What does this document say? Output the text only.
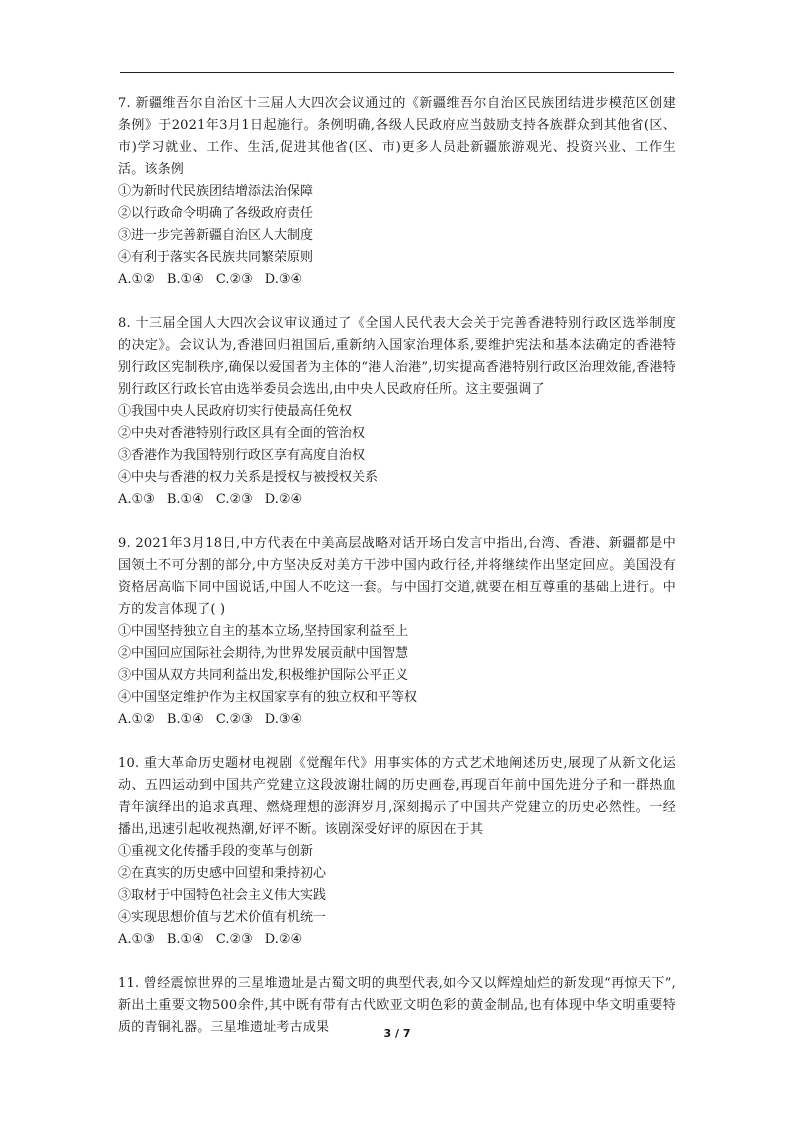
7. 新疆维吾尔自治区十三届人大四次会议通过的《新疆维吾尔自治区民族团结进步模范区创建条例》于2021年3月1日起施行。条例明确,各级人民政府应当鼓励支持各族群众到其他省(区、市)学习就业、工作、生活,促进其他省(区、市)更多人员赴新疆旅游观光、投资兴业、工作生活。该条例

①为新时代民族团结增添法治保障

②以行政命令明确了各级政府责任

③进一步完善新疆自治区人大制度

④有利于落实各民族共同繁荣原则

A.①② B.①④ C.②③ D.③④

8. 十三届全国人大四次会议审议通过了《全国人民代表大会关于完善香港特别行政区选举制度的决定》。会议认为,香港回归祖国后,重新纳入国家治理体系,要维护宪法和基本法确定的香港特别行政区宪制秩序,确保以爱国者为主体的“港人治港”,切实提高香港特别行政区治理效能,香港特别行政区行政长官由选举委员会选出,由中央人民政府任所。这主要强调了

①我国中央人民政府切实行使最高任免权

②中央对香港特别行政区具有全面的管治权

③香港作为我国特别行政区享有高度自治权

④中央与香港的权力关系是授权与被授权关系

A.①③ B.①④ C.②③ D.②④

9. 2021年3月18日,中方代表在中美高层战略对话开场白发言中指出,台湾、香港、新疆都是中国领土不可分割的部分,中方坚决反对美方干涉中国内政行径,并将继续作出坚定回应。美国没有资格居高临下同中国说话,中国人不吃这一套。与中国打交道,就要在相互尊重的基础上进行。中方的发言体现了( )

①中国坚持独立自主的基本立场,坚持国家利益至上

②中国回应国际社会期待,为世界发展贡献中国智慧

③中国从双方共同利益出发,积极维护国际公平正义

④中国坚定维护作为主权国家享有的独立权和平等权

A.①② B.①④ C.②③ D.③④

10. 重大革命历史题材电视剧《觉醒年代》用事实体的方式艺术地阐述历史,展现了从新文化运动、五四运动到中国共产党建立这段波谢壮阔的历史画卷,再现百年前中国先进分子和一群热血青年演绎出的追求真理、燃烧理想的澎湃岁月,深刻揭示了中国共产党建立的历史必然性。一经播出,迅速引起收视热潮,好评不断。该剧深受好评的原因在于其

①重视文化传播手段的变革与创新

②在真实的历史感中回望和秉持初心

③取材于中国特色社会主义伟大实践

④实现思想价值与艺术价值有机统一

A.①③ B.①④ C.②③ D.②④

11. 曾经震惊世界的三星堆遗址是古蜀文明的典型代表,如今又以辉煌灿烂的新发现“再惊天下”,新出土重要文物500余件,其中既有带有古代欧亚文明色彩的黄金制品,也有体现中华文明重要特质的青铜礼器。三星堆遗址考古成果	3 / 7
